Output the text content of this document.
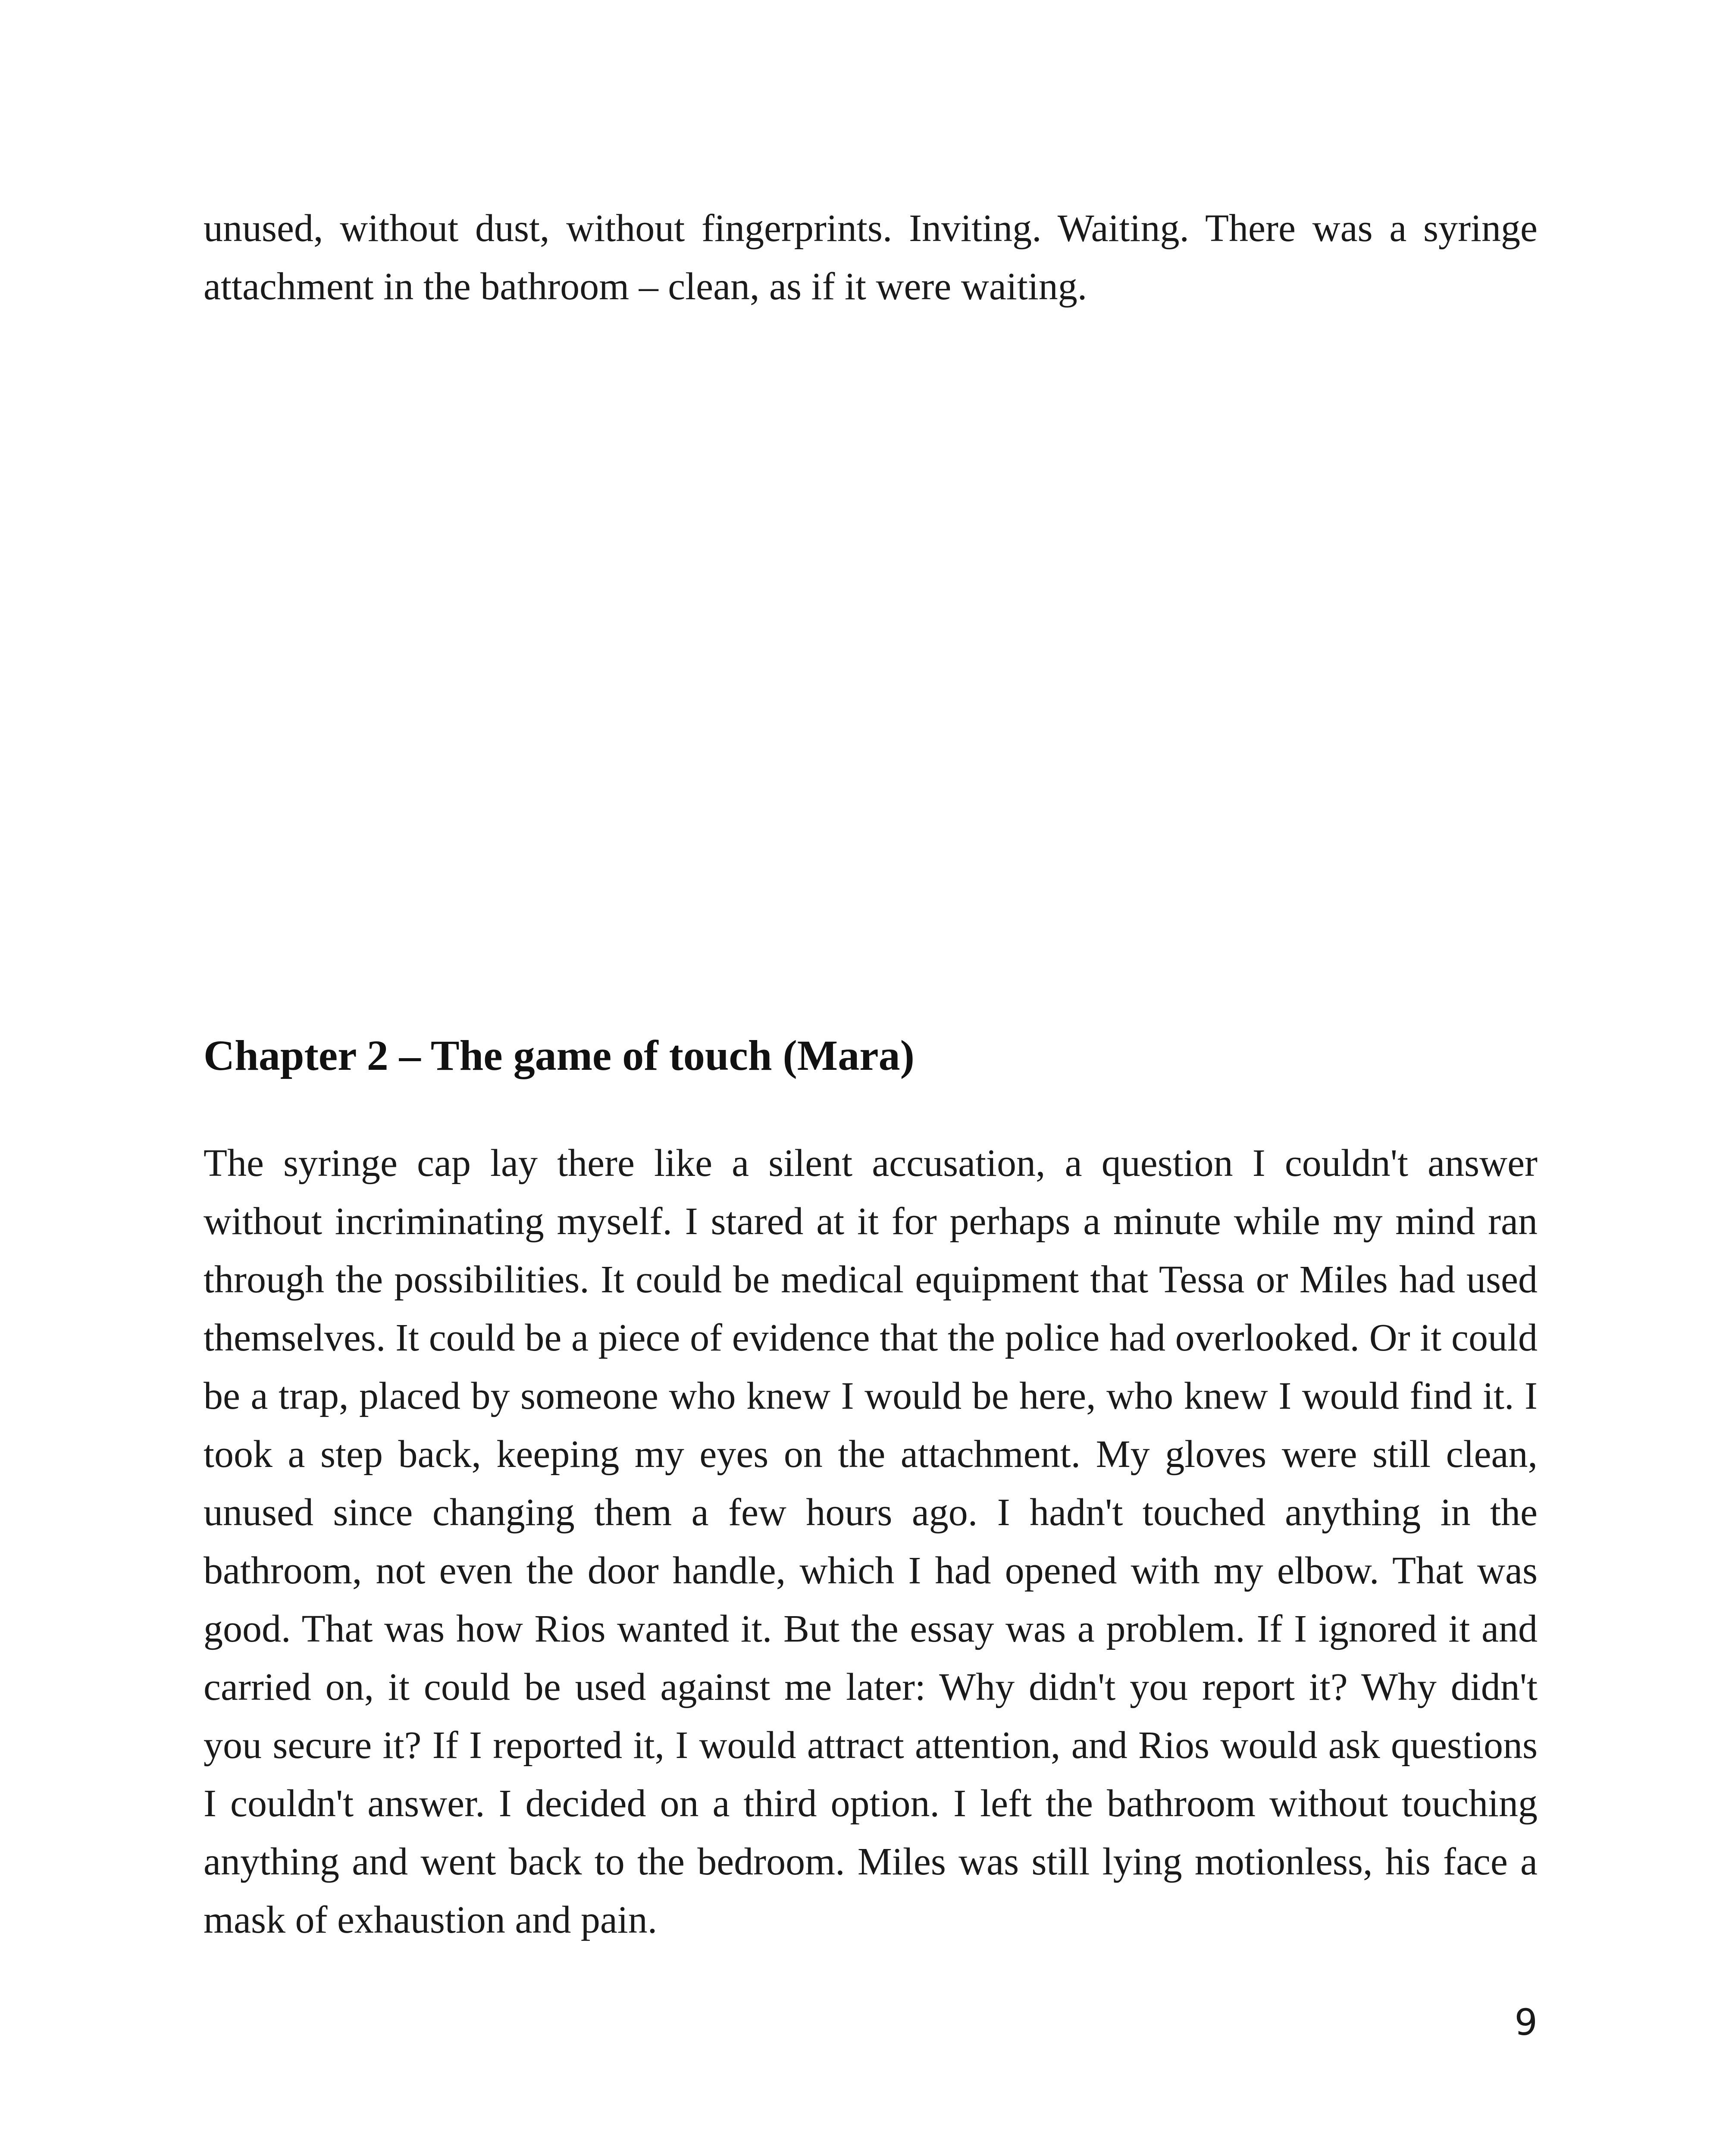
unused, without dust, without fingerprints. Inviting. Waiting. There was a syringe attachment in the bathroom – clean, as if it were waiting.

Chapter 2 – The game of touch (Mara)

The syringe cap lay there like a silent accusation, a question I couldn't answer without incriminating myself. I stared at it for perhaps a minute while my mind ran through the possibilities. It could be medical equipment that Tessa or Miles had used themselves. It could be a piece of evidence that the police had overlooked. Or it could be a trap, placed by someone who knew I would be here, who knew I would find it. I took a step back, keeping my eyes on the attachment. My gloves were still clean, unused since changing them a few hours ago. I hadn't touched anything in the bathroom, not even the door handle, which I had opened with my elbow. That was good. That was how Rios wanted it. But the essay was a problem. If I ignored it and carried on, it could be used against me later: Why didn't you report it? Why didn't you secure it? If I reported it, I would attract attention, and Rios would ask questions I couldn't answer. I decided on a third option. I left the bathroom without touching anything and went back to the bedroom. Miles was still lying motionless, his face a mask of exhaustion and pain.

9
